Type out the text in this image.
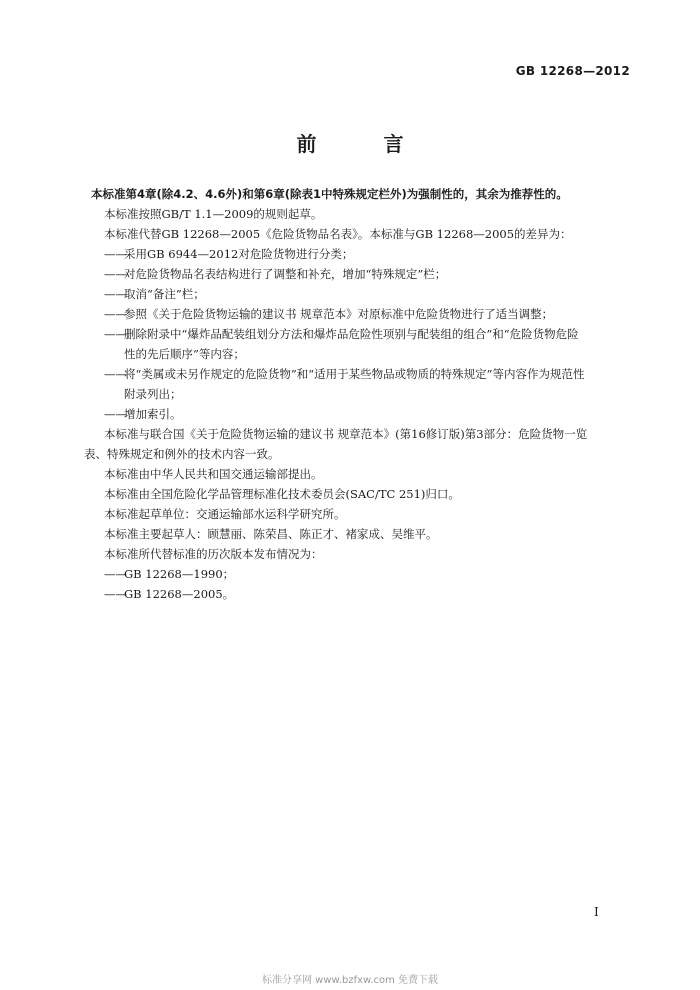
GB 12268—2012
前 言

本标准第4章(除4.2、4.6外)和第6章(除表1中特殊规定栏外)为强制性的，其余为推荐性的。

本标准按照GB/T 1.1—2009的规则起草。

本标准代替GB 12268—2005《危险货物品名表》。本标准与GB 12268—2005的差异为：

——
采用GB 6944—2012对危险货物进行分类；
——
对危险货物品名表结构进行了调整和补充，增加“特殊规定”栏；
——
取消“备注”栏；
——
参照《关于危险货物运输的建议书 规章范本》对原标准中危险货物进行了适当调整；
——
删除附录中“爆炸品配装组划分方法和爆炸品危险性项别与配装组的组合”和“危险货物危险
性的先后顺序”等内容；
——
将“类属或未另作规定的危险货物”和“适用于某些物品或物质的特殊规定”等内容作为规范性
附录列出；
——
增加索引。

本标准与联合国《关于危险货物运输的建议书 规章范本》(第16修订版)第3部分：危险货物一览

表、特殊规定和例外的技术内容一致。

本标准由中华人民共和国交通运输部提出。

本标准由全国危险化学品管理标准化技术委员会(SAC/TC 251)归口。

本标准起草单位：交通运输部水运科学研究所。

本标准主要起草人：顾慧丽、陈荣昌、陈正才、褚家成、吴维平。

本标准所代替标准的历次版本发布情况为：

——
GB 12268—1990；
——
GB 12268—2005。
I
标准分享网 www.bzfxw.com 免费下载
